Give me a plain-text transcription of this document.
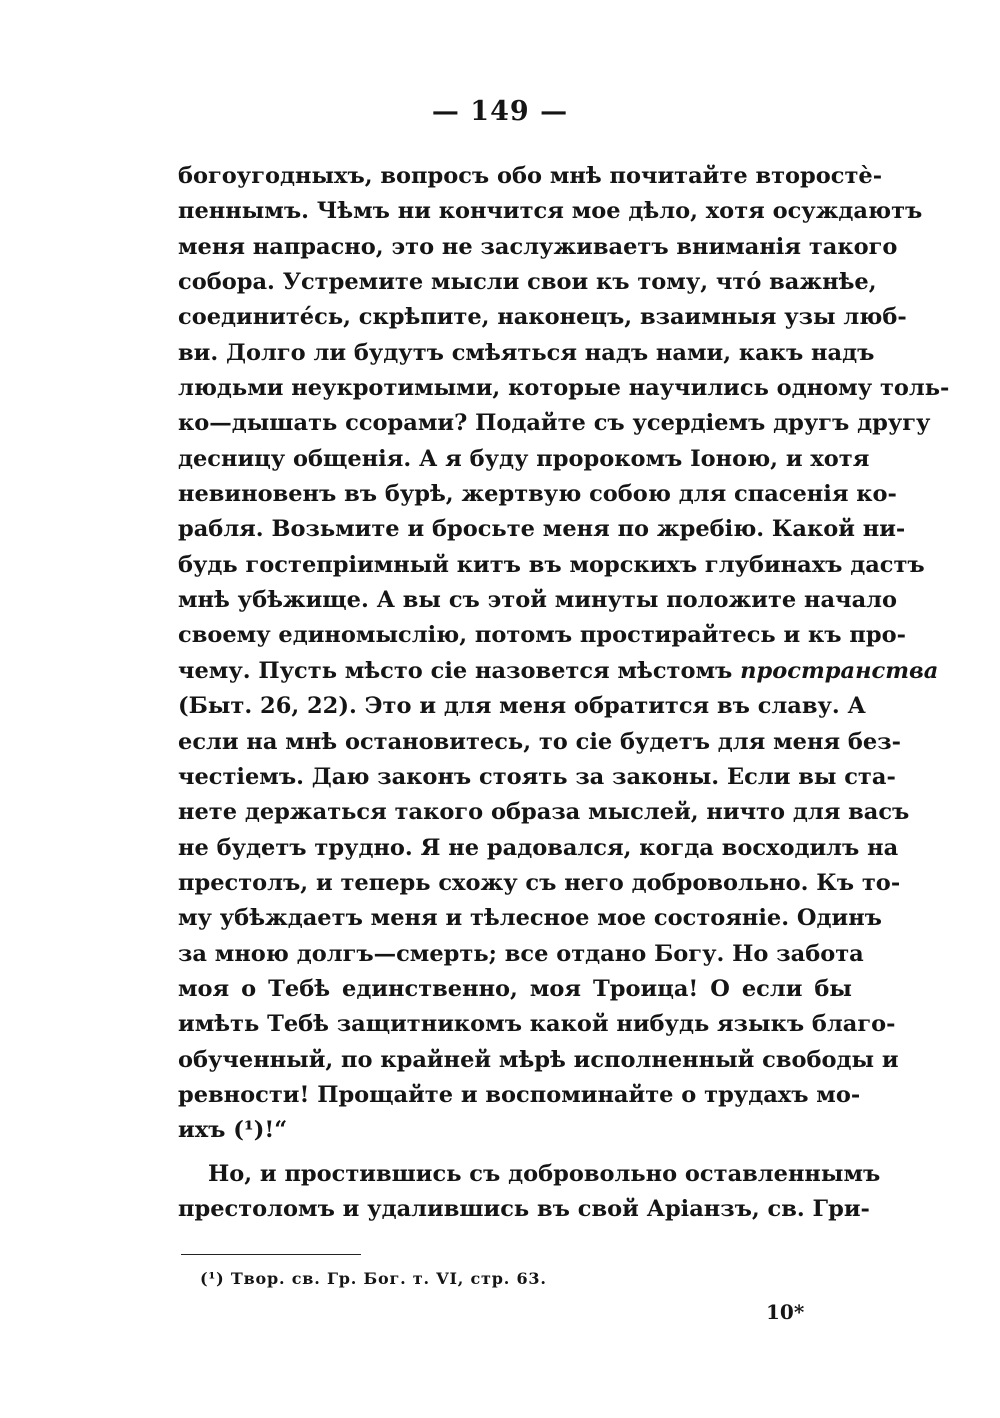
— 149 —
богоугодныхъ, вопросъ обо мнѣ почитайте второстѐ-
пеннымъ. Чѣмъ ни кончится мое дѣло, хотя осуждаютъ
меня напрасно, это не заслуживаетъ вниманія такого
собора. Устремите мысли свои къ тому, чтó важнѣе,
соедините́сь, скрѣпите, наконецъ, взаимныя узы люб-
ви. Долго ли будутъ смѣяться надъ нами, какъ надъ
людьми неукротимыми, которые научились одному толь-
ко—дышать ссорами? Подайте съ усердіемъ другъ другу
десницу общенія. А я буду пророкомъ Іоною, и хотя
невиновенъ въ бурѣ, жертвую собою для спасенія ко-
рабля. Возьмите и бросьте меня по жребію. Какой ни-
будь гостепріимный китъ въ морскихъ глубинахъ дастъ
мнѣ убѣжище. А вы съ этой минуты положите начало
своему единомыслію, потомъ простирайтесь и къ про-
чему. Пусть мѣсто сіе назовется мѣстомъ пространства
(Быт. 26, 22). Это и для меня обратится въ славу. А
если на мнѣ остановитесь, то сіе будетъ для меня без-
честіемъ. Даю законъ стоять за законы. Если вы ста-
нете держаться такого образа мыслей, ничто для васъ
не будетъ трудно. Я не радовался, когда восходилъ на
престолъ, и теперь схожу съ него добровольно. Къ то-
му убѣждаетъ меня и тѣлесное мое состояніе. Одинъ
за мною долгъ—смерть; все отдано Богу. Но забота
моя о Тебѣ единственно, моя Троица! О если бы
имѣть Тебѣ защитникомъ какой нибудь языкъ благо-
обученный, по крайней мѣрѣ исполненный свободы и
ревности! Прощайте и воспоминайте о трудахъ мо-
ихъ (¹)!“
Но, и простившись съ добровольно оставленнымъ
престоломъ и удалившись въ свой Аріанзъ, св. Гри-
(¹) Твор. св. Гр. Бог. т. VI, стр. 63.
10*
